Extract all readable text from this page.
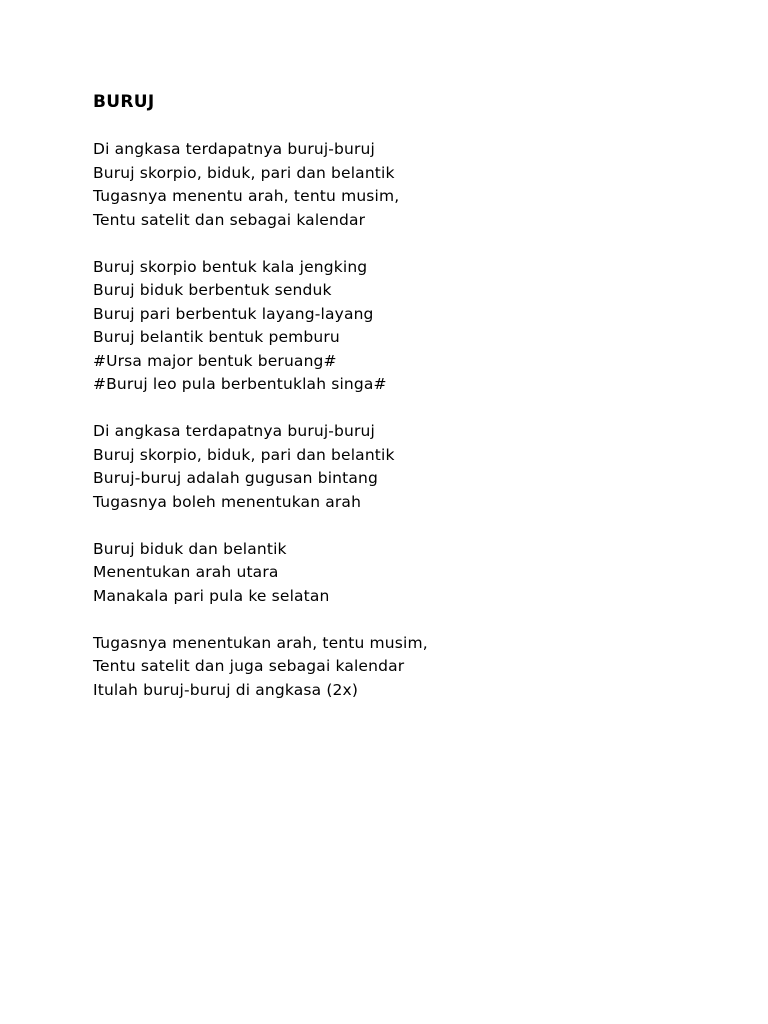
BURUJ
Di angkasa terdapatnya buruj-buruj
Buruj skorpio, biduk, pari dan belantik
Tugasnya menentu arah, tentu musim,
Tentu satelit dan sebagai kalendar
Buruj skorpio bentuk kala jengking
Buruj biduk berbentuk senduk
Buruj pari berbentuk layang-layang
Buruj belantik bentuk pemburu
#Ursa major bentuk beruang#
#Buruj leo pula berbentuklah singa#
Di angkasa terdapatnya buruj-buruj
Buruj skorpio, biduk, pari dan belantik
Buruj-buruj adalah gugusan bintang
Tugasnya boleh menentukan arah
Buruj biduk dan belantik
Menentukan arah utara
Manakala pari pula ke selatan
Tugasnya menentukan arah, tentu musim,
Tentu satelit dan juga sebagai kalendar
Itulah buruj-buruj di angkasa (2x)
